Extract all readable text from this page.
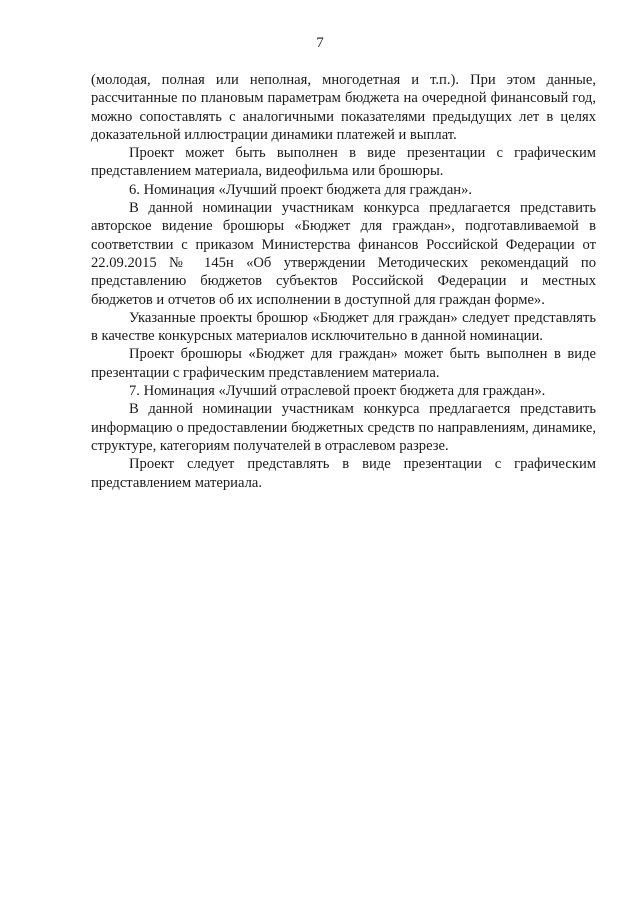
7

(молодая, полная или неполная, многодетная и т.п.). При этом данные, рассчитанные по плановым параметрам бюджета на очередной финансовый год, можно сопоставлять с аналогичными показателями предыдущих лет в целях доказательной иллюстрации динамики платежей и выплат.

Проект может быть выполнен в виде презентации с графическим представлением материала, видеофильма или брошюры.

6. Номинация «Лучший проект бюджета для граждан».

В данной номинации участникам конкурса предлагается представить авторское видение брошюры «Бюджет для граждан», подготавливаемой в соответствии с приказом Министерства финансов Российской Федерации от 22.09.2015 № 145н «Об утверждении Методических рекомендаций по представлению бюджетов субъектов Российской Федерации и местных бюджетов и отчетов об их исполнении в доступной для граждан форме».

Указанные проекты брошюр «Бюджет для граждан» следует представлять в качестве конкурсных материалов исключительно в данной номинации.

Проект брошюры «Бюджет для граждан» может быть выполнен в виде презентации с графическим представлением материала.

7. Номинация «Лучший отраслевой проект бюджета для граждан».

В данной номинации участникам конкурса предлагается представить информацию о предоставлении бюджетных средств по направлениям, динамике, структуре, категориям получателей в отраслевом разрезе.

Проект следует представлять в виде презентации с графическим представлением материала.
